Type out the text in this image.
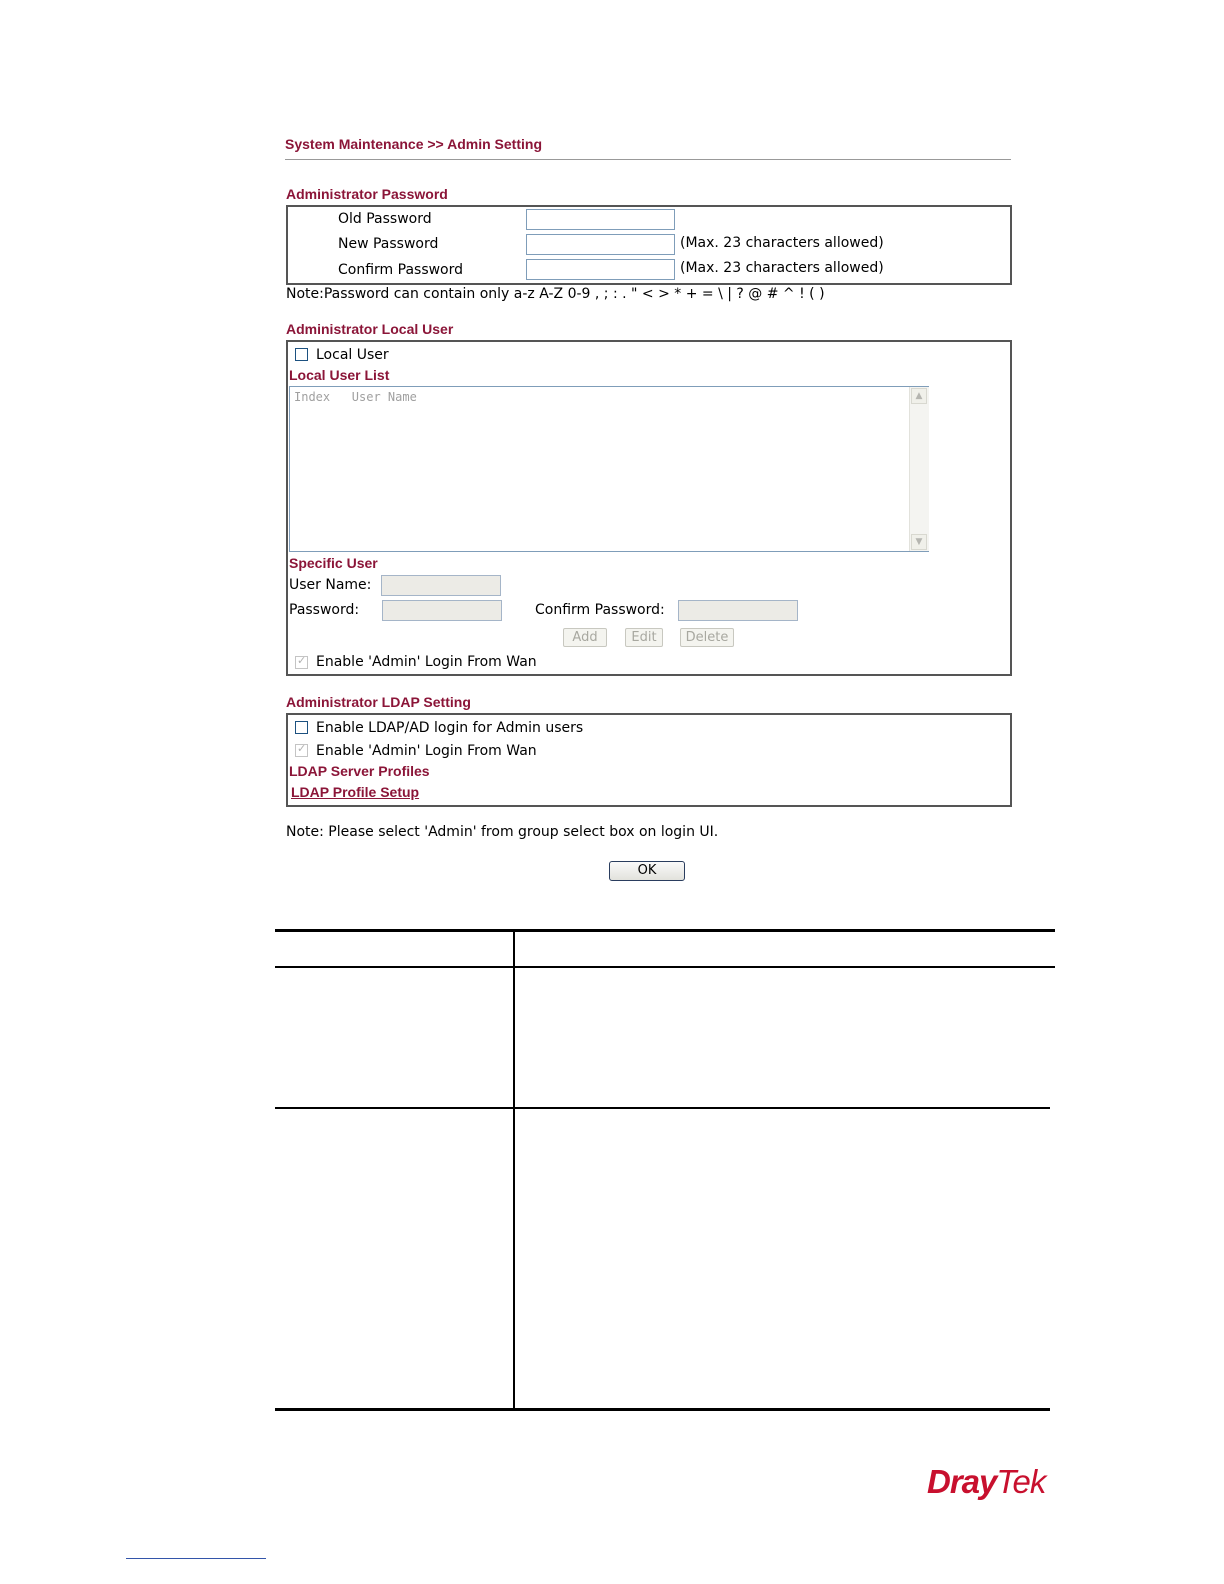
System Maintenance >> Admin Setting
Administrator Password
Old Password
New Password	(Max. 23 characters allowed)
Confirm Password	(Max. 23 characters allowed)
Note:Password can contain only a-z A-Z 0-9 , ; : . " < > * + = \ | ? @ # ^ ! ( )
Administrator Local User
Local User
Local User List
Index   User Name	▲
▼
Specific User
User Name:
Password:	Confirm Password:
Add	Edit	Delete
✓
Enable 'Admin' Login From Wan
Administrator LDAP Setting
Enable LDAP/AD login for Admin users
✓
Enable 'Admin' Login From Wan
LDAP Server Profiles
LDAP Profile Setup
Note: Please select 'Admin' from group select box on login UI.
OK
DrayTek
